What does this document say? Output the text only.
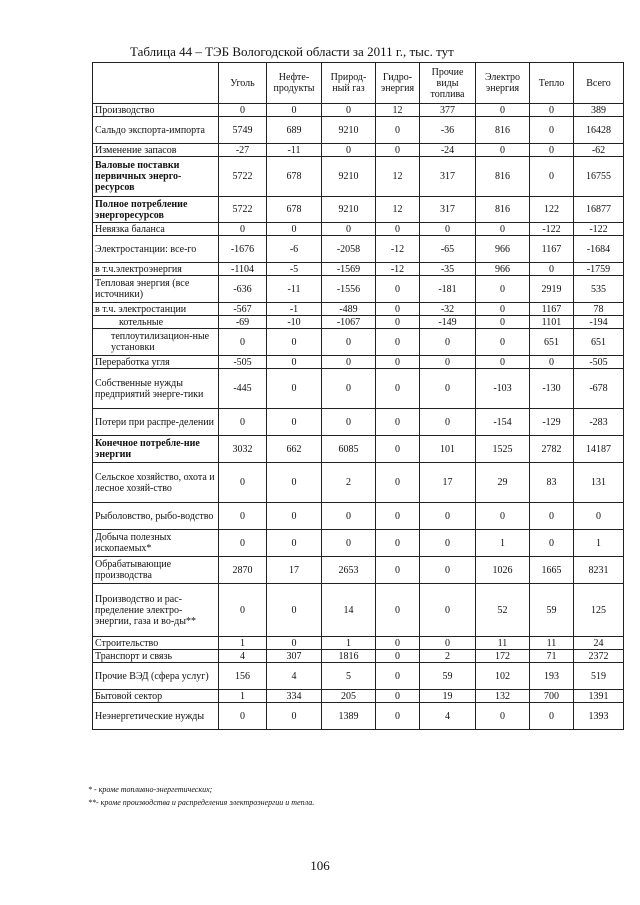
Таблица 44 – ТЭБ Вологодской области за 2011 г., тыс. тут
	Уголь	Нефте-продукты	Природ-ный газ	Гидро-энергия	Прочие виды топлива	Электро энергия	Тепло	Всего
Производство	0	0	0	12	377	0	0	389
Сальдо экспорта-импорта	5749	689	9210	0	-36	816	0	16428
Изменение запасов	-27	-11	0	0	-24	0	0	-62
Валовые поставки первичных энерго-ресурсов	5722	678	9210	12	317	816	0	16755
Полное потребление энергоресурсов	5722	678	9210	12	317	816	122	16877
Невязка баланса	0	0	0	0	0	0	-122	-122
Электростанции: все-го	-1676	-6	-2058	-12	-65	966	1167	-1684
в т.ч.электроэнергия	-1104	-5	-1569	-12	-35	966	0	-1759
Тепловая энергия (все источники)	-636	-11	-1556	0	-181	0	2919	535
в т.ч. электростанции	-567	-1	-489	0	-32	0	1167	78
котельные	-69	-10	-1067	0	-149	0	1101	-194
теплоутилизацион-ные установки	0	0	0	0	0	0	651	651
Переработка угля	-505	0	0	0	0	0	0	-505
Собственные нужды предприятий энерге-тики	-445	0	0	0	0	-103	-130	-678
Потери при распре-делении	0	0	0	0	0	-154	-129	-283
Конечное потребле-ние энергии	3032	662	6085	0	101	1525	2782	14187
Сельское хозяйство, охота и лесное хозяй-ство	0	0	2	0	17	29	83	131
Рыболовство, рыбо-водство	0	0	0	0	0	0	0	0
Добыча полезных ископаемых*	0	0	0	0	0	1	0	1
Обрабатывающие производства	2870	17	2653	0	0	1026	1665	8231
Производство и рас-пределение электро-энергии, газа и во-ды**	0	0	14	0	0	52	59	125
Строительство	1	0	1	0	0	11	11	24
Транспорт и связь	4	307	1816	0	2	172	71	2372
Прочие ВЭД (сфера услуг)	156	4	5	0	59	102	193	519
Бытовой сектор	1	334	205	0	19	132	700	1391
Неэнергетические нужды	0	0	1389	0	4	0	0	1393
* - кроме топливно-энергетических;
**- кроме производства и распределения электроэнергии и тепла.
106
